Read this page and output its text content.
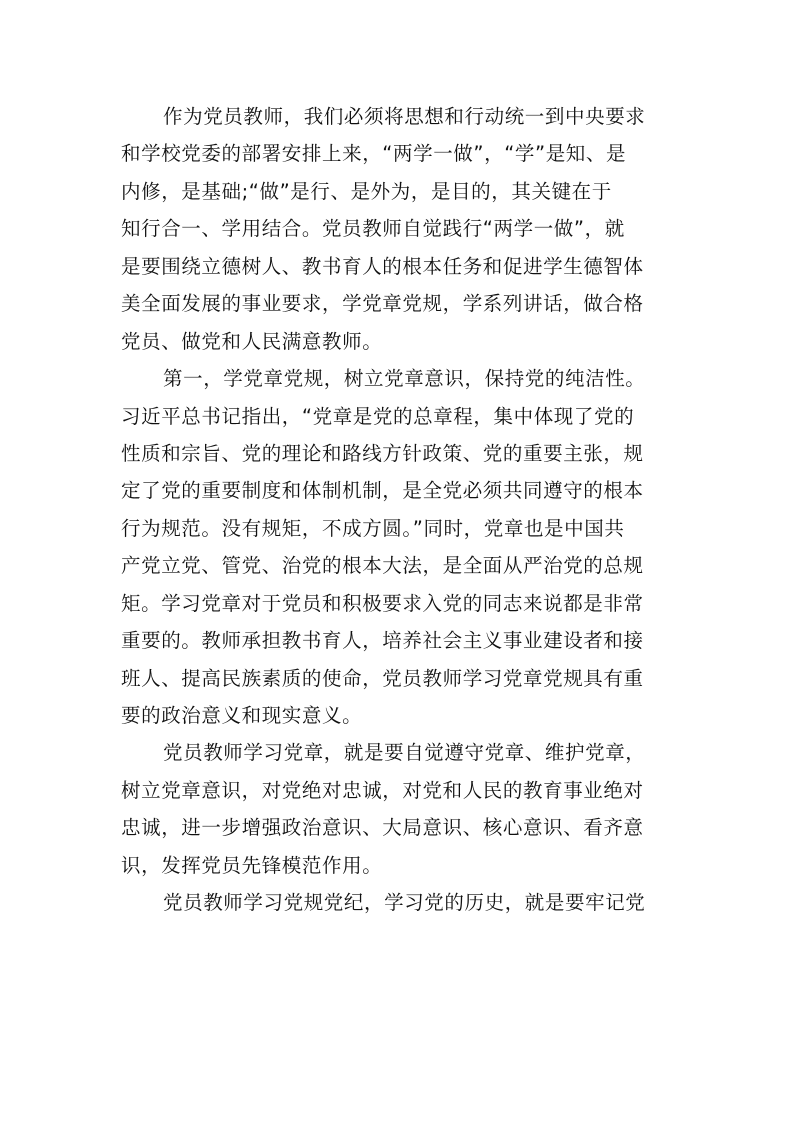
作为党员教师，我们必须将思想和行动统一到中央要求
和学校党委的部署安排上来，“两学一做”，“学”是知、是
内修，是基础;“做”是行、是外为，是目的，其关键在于
知行合一、学用结合。党员教师自觉践行“两学一做”，就
是要围绕立德树人、教书育人的根本任务和促进学生德智体
美全面发展的事业要求，学党章党规，学系列讲话，做合格
党员、做党和人民满意教师。
第一，学党章党规，树立党章意识，保持党的纯洁性。
习近平总书记指出，“党章是党的总章程，集中体现了党的
性质和宗旨、党的理论和路线方针政策、党的重要主张，规
定了党的重要制度和体制机制，是全党必须共同遵守的根本
行为规范。没有规矩，不成方圆。”同时，党章也是中国共
产党立党、管党、治党的根本大法，是全面从严治党的总规
矩。学习党章对于党员和积极要求入党的同志来说都是非常
重要的。教师承担教书育人，培养社会主义事业建设者和接
班人、提高民族素质的使命，党员教师学习党章党规具有重
要的政治意义和现实意义。
党员教师学习党章，就是要自觉遵守党章、维护党章，
树立党章意识，对党绝对忠诚，对党和人民的教育事业绝对
忠诚，进一步增强政治意识、大局意识、核心意识、看齐意
识，发挥党员先锋模范作用。
党员教师学习党规党纪，学习党的历史，就是要牢记党
